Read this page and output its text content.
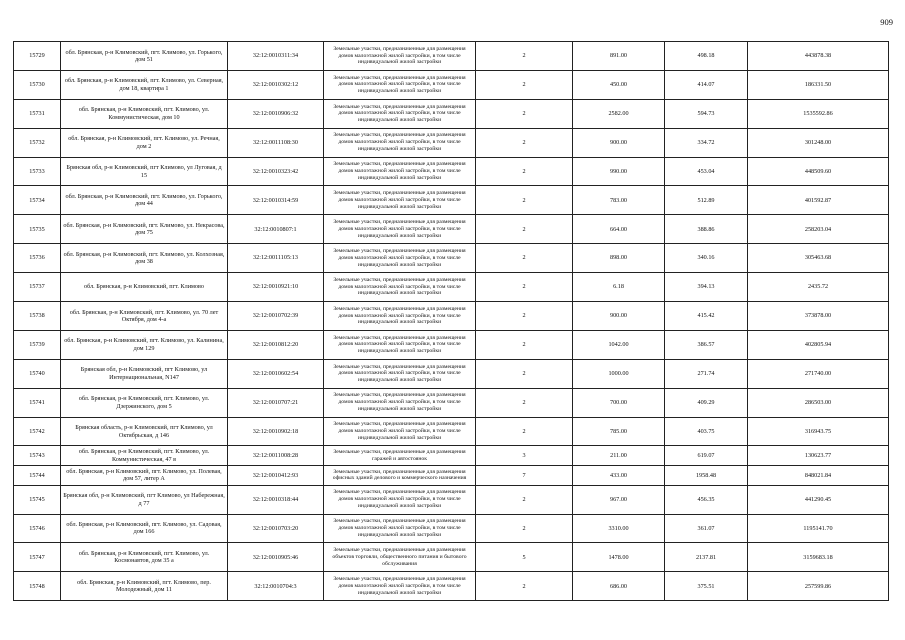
909
15729	обл. Брянская, р-н Климовский, пгт. Климово, ул. Горького, дом 51	32:12:0010311:34	Земельные участки, предназначенные для размещения домов малоэтажной жилой застройки, в том числе индивидуальной жилой застройки	2	891.00	498.18	443878.38
15730	обл. Брянская, р-н Климовский, пгт. Климово, ул. Северная, дом 18, квартира 1	32:12:0010302:12	Земельные участки, предназначенные для размещения домов малоэтажной жилой застройки, в том числе индивидуальной жилой застройки	2	450.00	414.07	186331.50
15731	обл. Брянская, р-н Климовский, пгт. Климово, ул. Коммунистическая, дом 10	32:12:0010906:32	Земельные участки, предназначенные для размещения домов малоэтажной жилой застройки, в том числе индивидуальной жилой застройки	2	2582.00	594.73	1535592.86
15732	обл. Брянская, р-н Климовский, пгт. Климово, ул. Речная, дом 2	32:12:0011108:30	Земельные участки, предназначенные для размещения домов малоэтажной жилой застройки, в том числе индивидуальной жилой застройки	2	900.00	334.72	301248.00
15733	Брянская обл, р-н Климовский, пгт Климово, ул Луговая, д 15	32:12:0010323:42	Земельные участки, предназначенные для размещения домов малоэтажной жилой застройки, в том числе индивидуальной жилой застройки	2	990.00	453.04	448509.60
15734	обл. Брянская, р-н Климовский, пгт. Климово, ул. Горького, дом 44	32:12:0010314:59	Земельные участки, предназначенные для размещения домов малоэтажной жилой застройки, в том числе индивидуальной жилой застройки	2	783.00	512.89	401592.87
15735	обл. Брянская, р-н Климовский, пгт. Климово, ул. Некрасова, дом 75	32:12:0010807:1	Земельные участки, предназначенные для размещения домов малоэтажной жилой застройки, в том числе индивидуальной жилой застройки	2	664.00	388.86	258203.04
15736	обл. Брянская, р-н Климовский, пгт. Климово, ул. Колхозная, дом 38	32:12:0011105:13	Земельные участки, предназначенные для размещения домов малоэтажной жилой застройки, в том числе индивидуальной жилой застройки	2	898.00	340.16	305463.68
15737	обл. Брянская, р-н Климовский, пгт. Климово	32:12:0010921:10	Земельные участки, предназначенные для размещения домов малоэтажной жилой застройки, в том числе индивидуальной жилой застройки	2	6.18	394.13	2435.72
15738	обл. Брянская, р-н Климовский, пгт. Климово, ул. 70 лет Октября, дом 4-а	32:12:0010702:39	Земельные участки, предназначенные для размещения домов малоэтажной жилой застройки, в том числе индивидуальной жилой застройки	2	900.00	415.42	373878.00
15739	обл. Брянская, р-н Климовский, пгт. Климово, ул. Калинина, дом 129	32:12:0010812:20	Земельные участки, предназначенные для размещения домов малоэтажной жилой застройки, в том числе индивидуальной жилой застройки	2	1042.00	386.57	402805.94
15740	Брянская обл, р-н Климовский, пгт Климово, ул Интернациональная, N147	32:12:0010602:54	Земельные участки, предназначенные для размещения домов малоэтажной жилой застройки, в том числе индивидуальной жилой застройки	2	1000.00	271.74	271740.00
15741	обл. Брянская, р-н Климовский, пгт. Климово, ул. Дзержинского, дом 5	32:12:0010707:21	Земельные участки, предназначенные для размещения домов малоэтажной жилой застройки, в том числе индивидуальной жилой застройки	2	700.00	409.29	286503.00
15742	Брянская область, р-н Климовский, пгт Климово, ул Октябрьская, д 146	32:12:0010902:18	Земельные участки, предназначенные для размещения домов малоэтажной жилой застройки, в том числе индивидуальной жилой застройки	2	785.00	403.75	316943.75
15743	обл. Брянская, р-н Климовский, пгт. Климово, ул. Коммунистическая, 47 в	32:12:0011008:28	Земельные участки, предназначенные для размещения гаражей и автостоянок	3	211.00	619.07	130623.77
15744	обл. Брянская, р-н Климовский, пгт. Климово, ул. Полевая, дом 57, литер А	32:12:0010412:93	Земельные участки, предназначенные для размещения офисных зданий делового и коммерческого назначения	7	433.00	1958.48	848021.84
15745	Брянская обл, р-н Климовский, пгт Климово, ул Набережная, д 77	32:12:0010318:44	Земельные участки, предназначенные для размещения домов малоэтажной жилой застройки, в том числе индивидуальной жилой застройки	2	967.00	456.35	441290.45
15746	обл. Брянская, р-н Климовский, пгт. Климово, ул. Садовая, дом 166	32:12:0010703:20	Земельные участки, предназначенные для размещения домов малоэтажной жилой застройки, в том числе индивидуальной жилой застройки	2	3310.00	361.07	1195141.70
15747	обл. Брянская, р-н Климовский, пгт. Климово, ул. Космонавтов, дом 35 а	32:12:0010905:46	Земельные участки, предназначенные для размещения объектов торговли, общественного питания и бытового обслуживания	5	1478.00	2137.81	3159683.18
15748	обл. Брянская, р-н Климовский, пгт. Климово, пер. Молодежный, дом 11	32:12:0010704:3	Земельные участки, предназначенные для размещения домов малоэтажной жилой застройки, в том числе индивидуальной жилой застройки	2	686.00	375.51	257599.86
